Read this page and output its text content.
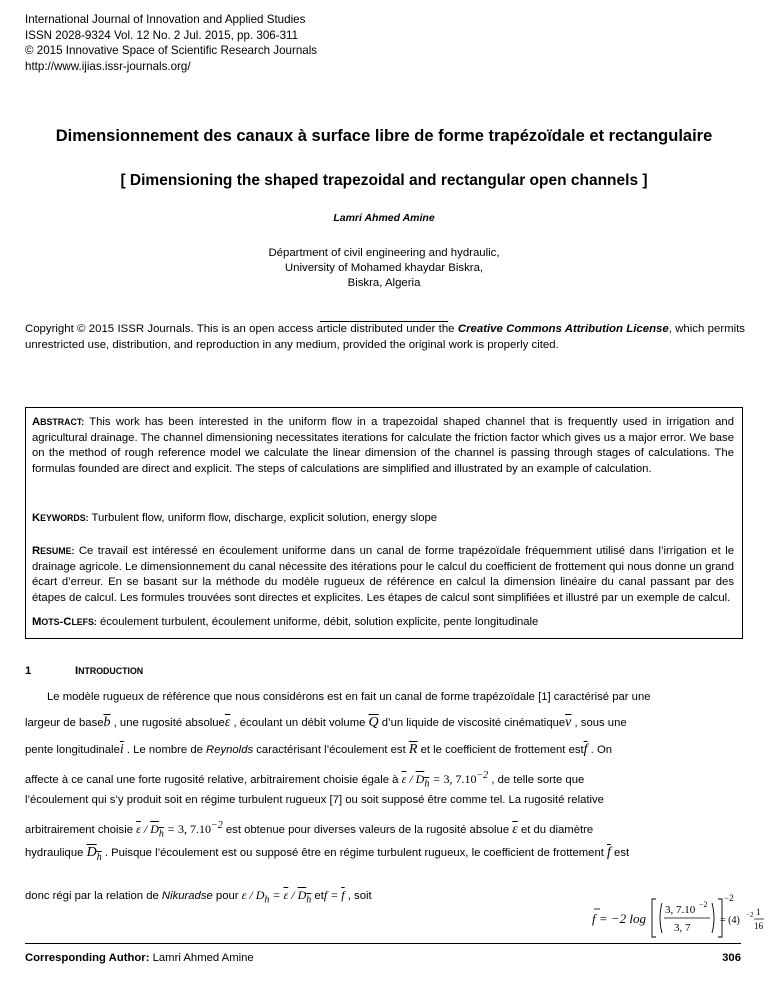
International Journal of Innovation and Applied Studies
ISSN 2028-9324 Vol. 12 No. 2 Jul. 2015, pp. 306-311
© 2015 Innovative Space of Scientific Research Journals
http://www.ijias.issr-journals.org/
Dimensionnement des canaux à surface libre de forme trapézoïdale et rectangulaire
[ Dimensioning the shaped trapezoidal and rectangular open channels ]
Lamri Ahmed Amine
Départment of civil engineering and hydraulic,
University of Mohamed khaydar Biskra,
Biskra, Algeria
Copyright © 2015 ISSR Journals. This is an open access article distributed under the Creative Commons Attribution License, which permits unrestricted use, distribution, and reproduction in any medium, provided the original work is properly cited.
ABSTRACT: This work has been interested in the uniform flow in a trapezoidal shaped channel that is frequently used in irrigation and agricultural drainage. The channel dimensioning necessitates iterations for calculate the friction factor which gives us a major error. We base on the method of rough reference model we calculate the linear dimension of the channel is passing through stages of calculations. The formulas founded are direct and explicit. The steps of calculations are simplified and illustrated by an example of calculation.
KEYWORDS: Turbulent flow, uniform flow, discharge, explicit solution, energy slope
RESUME: Ce travail est intéressé en écoulement uniforme dans un canal de forme trapézoïdale fréquemment utilisé dans l’irrigation et le drainage agricole. Le dimensionnement du canal nécessite des itérations pour le calcul du coefficient de frottement qui nous donne un grand écart d’erreur. En se basant sur la méthode du modèle rugueux de référence en calcul la dimension linéaire du canal passant par des étapes de calcul. Les formules trouvées sont directes et explicites. Les étapes de calcul sont simplifiées et illustré par un exemple de calcul.
MOTS-CLEFS: écoulement turbulent, écoulement uniforme, débit, solution explicite, pente longitudinale
1	INTRODUCTION
Le modèle rugueux de référence que nous considérons est en fait un canal de forme trapézoïdale [1] caractérisé par une
largeur de $base\overline{b}$ , une rugosité $absolue\overline{\varepsilon}$ , écoulant un débit volume $\overline{Q}$ d’un liquide de viscosité $cinématique\overline{\nu}$ , sous une
pente $longitudinale\overline{i}$ . Le nombre de Reynolds caractérisant l’écoulement est $\overline{R}$ et le coefficient de frottement $est\overline{f}$ . On
affecte à ce canal une forte rugosité relative, arbitrairement choisie égale à $\overline{\varepsilon} / D_h = 3$, $7.10^{-2}$ , de telle sorte que
l’écoulement qui s’y produit soit en régime turbulent rugueux [7] ou soit supposé être comme tel. La rugosité relative
arbitrairement choisie $\overline{\varepsilon} / D_h = 3$, $7.10^{-2}$ est obtenue pour diverses valeurs de la rugosité absolue $\overline{\varepsilon}$ et du diamètre
hydraulique $D_h$ . Puisque l’écoulement est ou supposé être en régime turbulent rugueux, le coefficient de frottement $\overline{f}$ est
donc régi par la relation de Nikuradse pour $\varepsilon / D_h = \overline{\varepsilon} / D_h$ etf = $\overline{f}$ , soit
f = −2 log
3, 7.10 −2
3, 7
−2
= (4) −2 1
16
Corresponding Author: Lamri Ahmed Amine	306
